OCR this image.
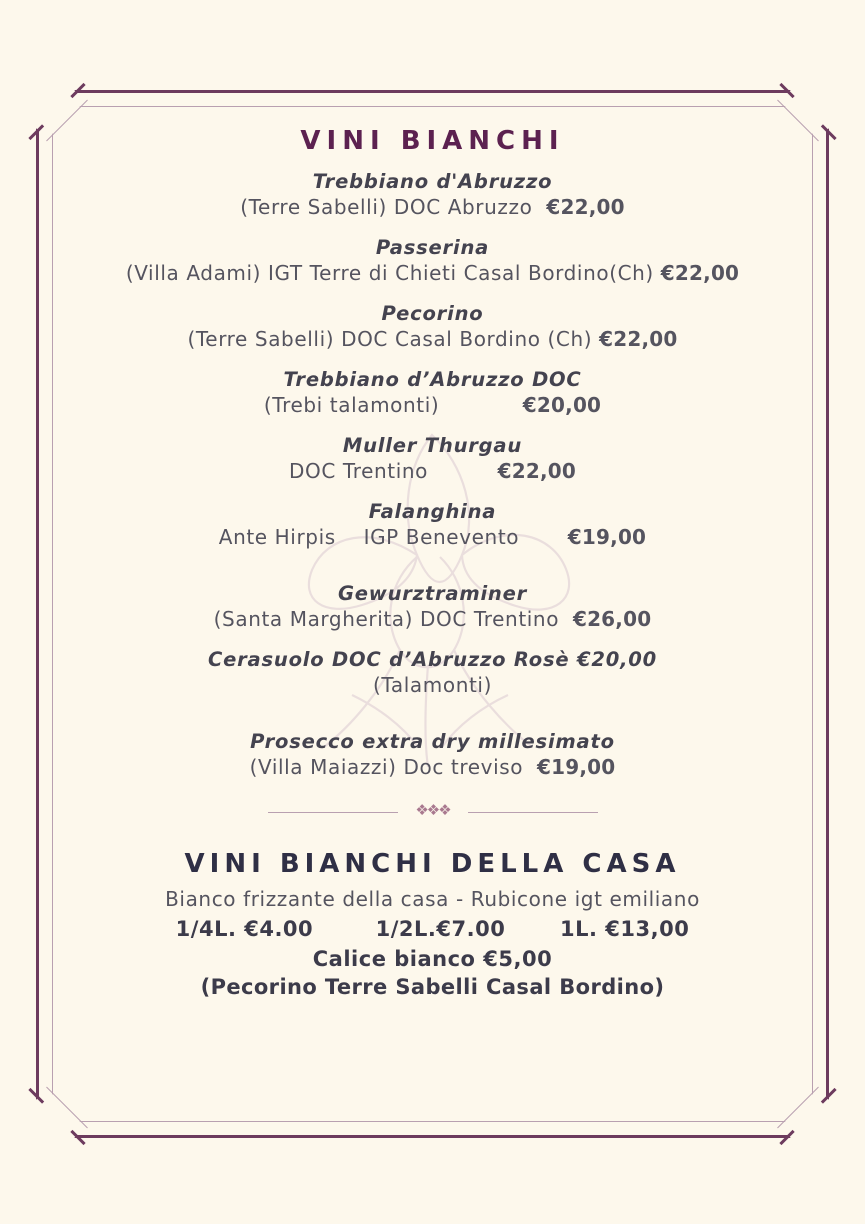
VINI BIANCHI
Trebbiano d'Abruzzo
(Terre Sabelli) DOC Abruzzo  €22,00
Passerina
(Villa Adami) IGT Terre di Chieti Casal Bordino(Ch) €22,00
Pecorino
(Terre Sabelli) DOC Casal Bordino (Ch) €22,00
Trebbiano d’Abruzzo DOC
(Trebi talamonti)            €20,00
Muller Thurgau
DOC Trentino          €22,00
Falanghina
Ante Hirpis    IGP Benevento       €19,00
Gewurztraminer
(Santa Margherita) DOC Trentino  €26,00
Cerasuolo DOC d’Abruzzo Rosè €20,00
(Talamonti)
Prosecco extra dry millesimato
(Villa Maiazzi) Doc treviso  €19,00
❖❖❖
VINI BIANCHI DELLA CASA
Bianco frizzante della casa - Rubicone igt emiliano
1/4L. €4.00        1/2L.€7.00       1L. €13,00
Calice bianco €5,00
(Pecorino Terre Sabelli Casal Bordino)
